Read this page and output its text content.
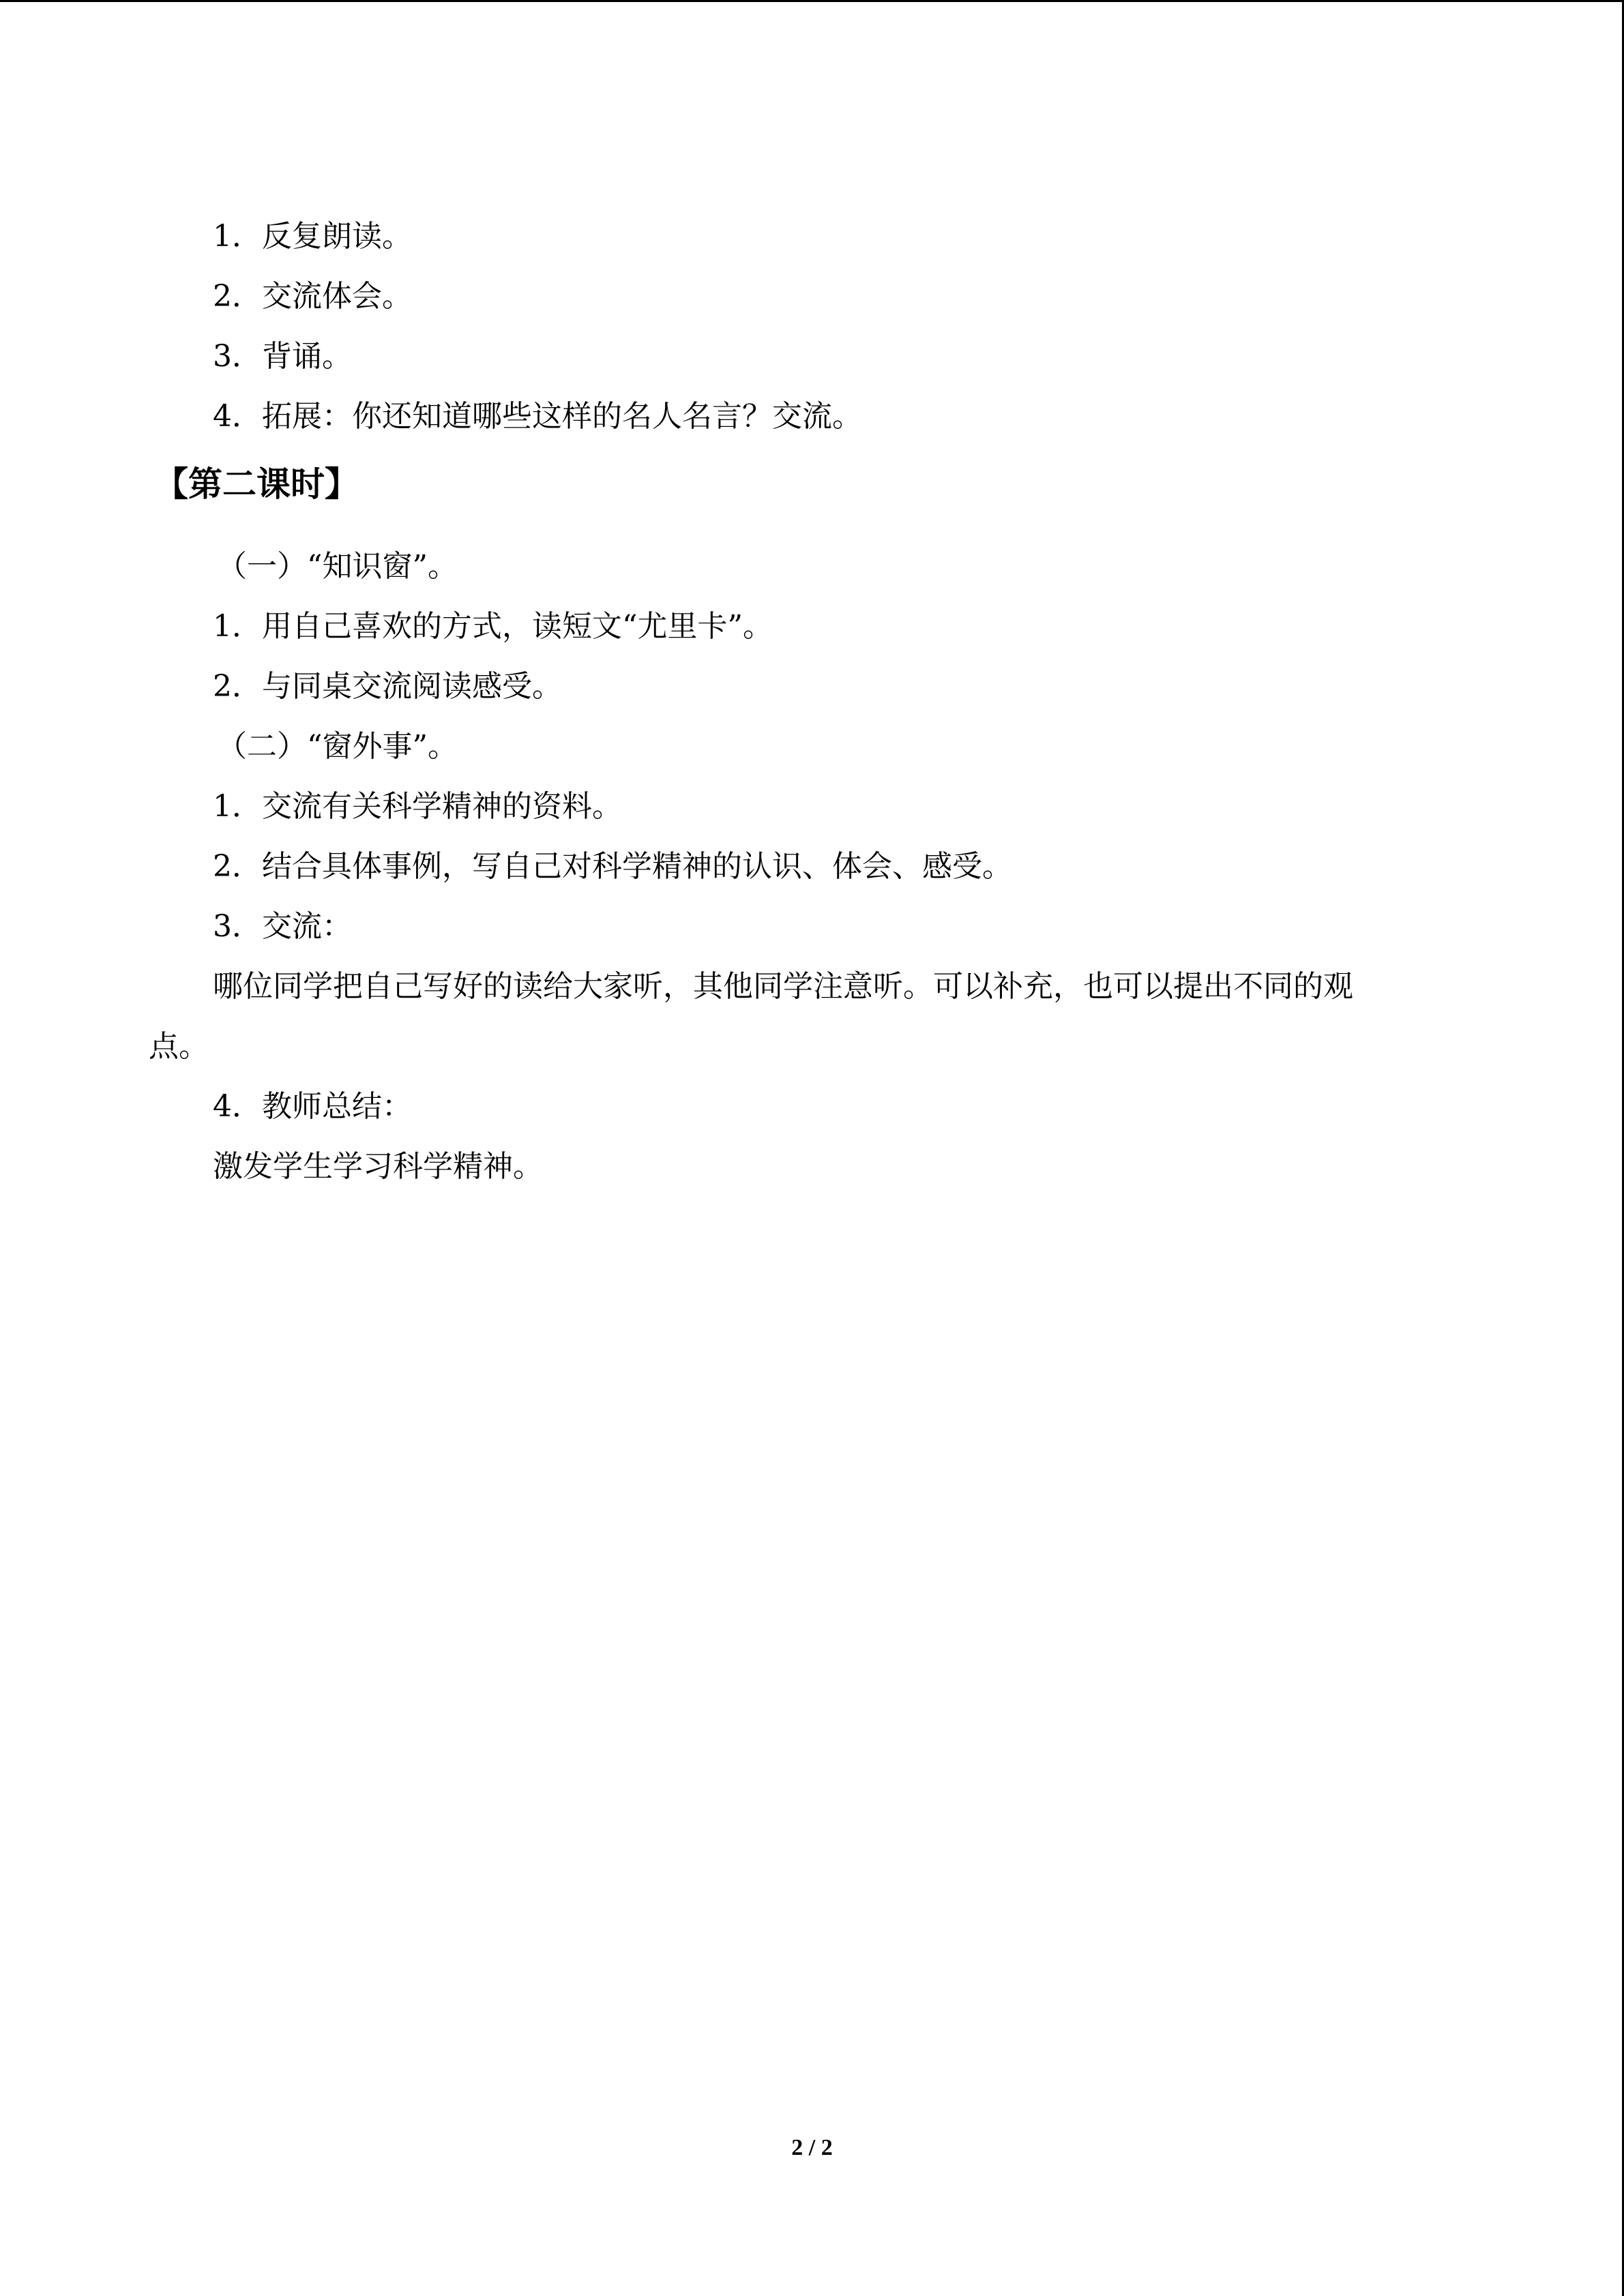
1．反复朗读。
2．交流体会。
3．背诵。
4．拓展：你还知道哪些这样的名人名言？交流。
【第二课时】
（一）“知识窗”。
1．用自己喜欢的方式，读短文“尤里卡”。
2．与同桌交流阅读感受。
（二）“窗外事”。
1．交流有关科学精神的资料。
2．结合具体事例，写自己对科学精神的认识、体会、感受。
3．交流：
哪位同学把自己写好的读给大家听，其他同学注意听。可以补充，也可以提出不同的观
点。
4．教师总结：
激发学生学习科学精神。
2 / 2
